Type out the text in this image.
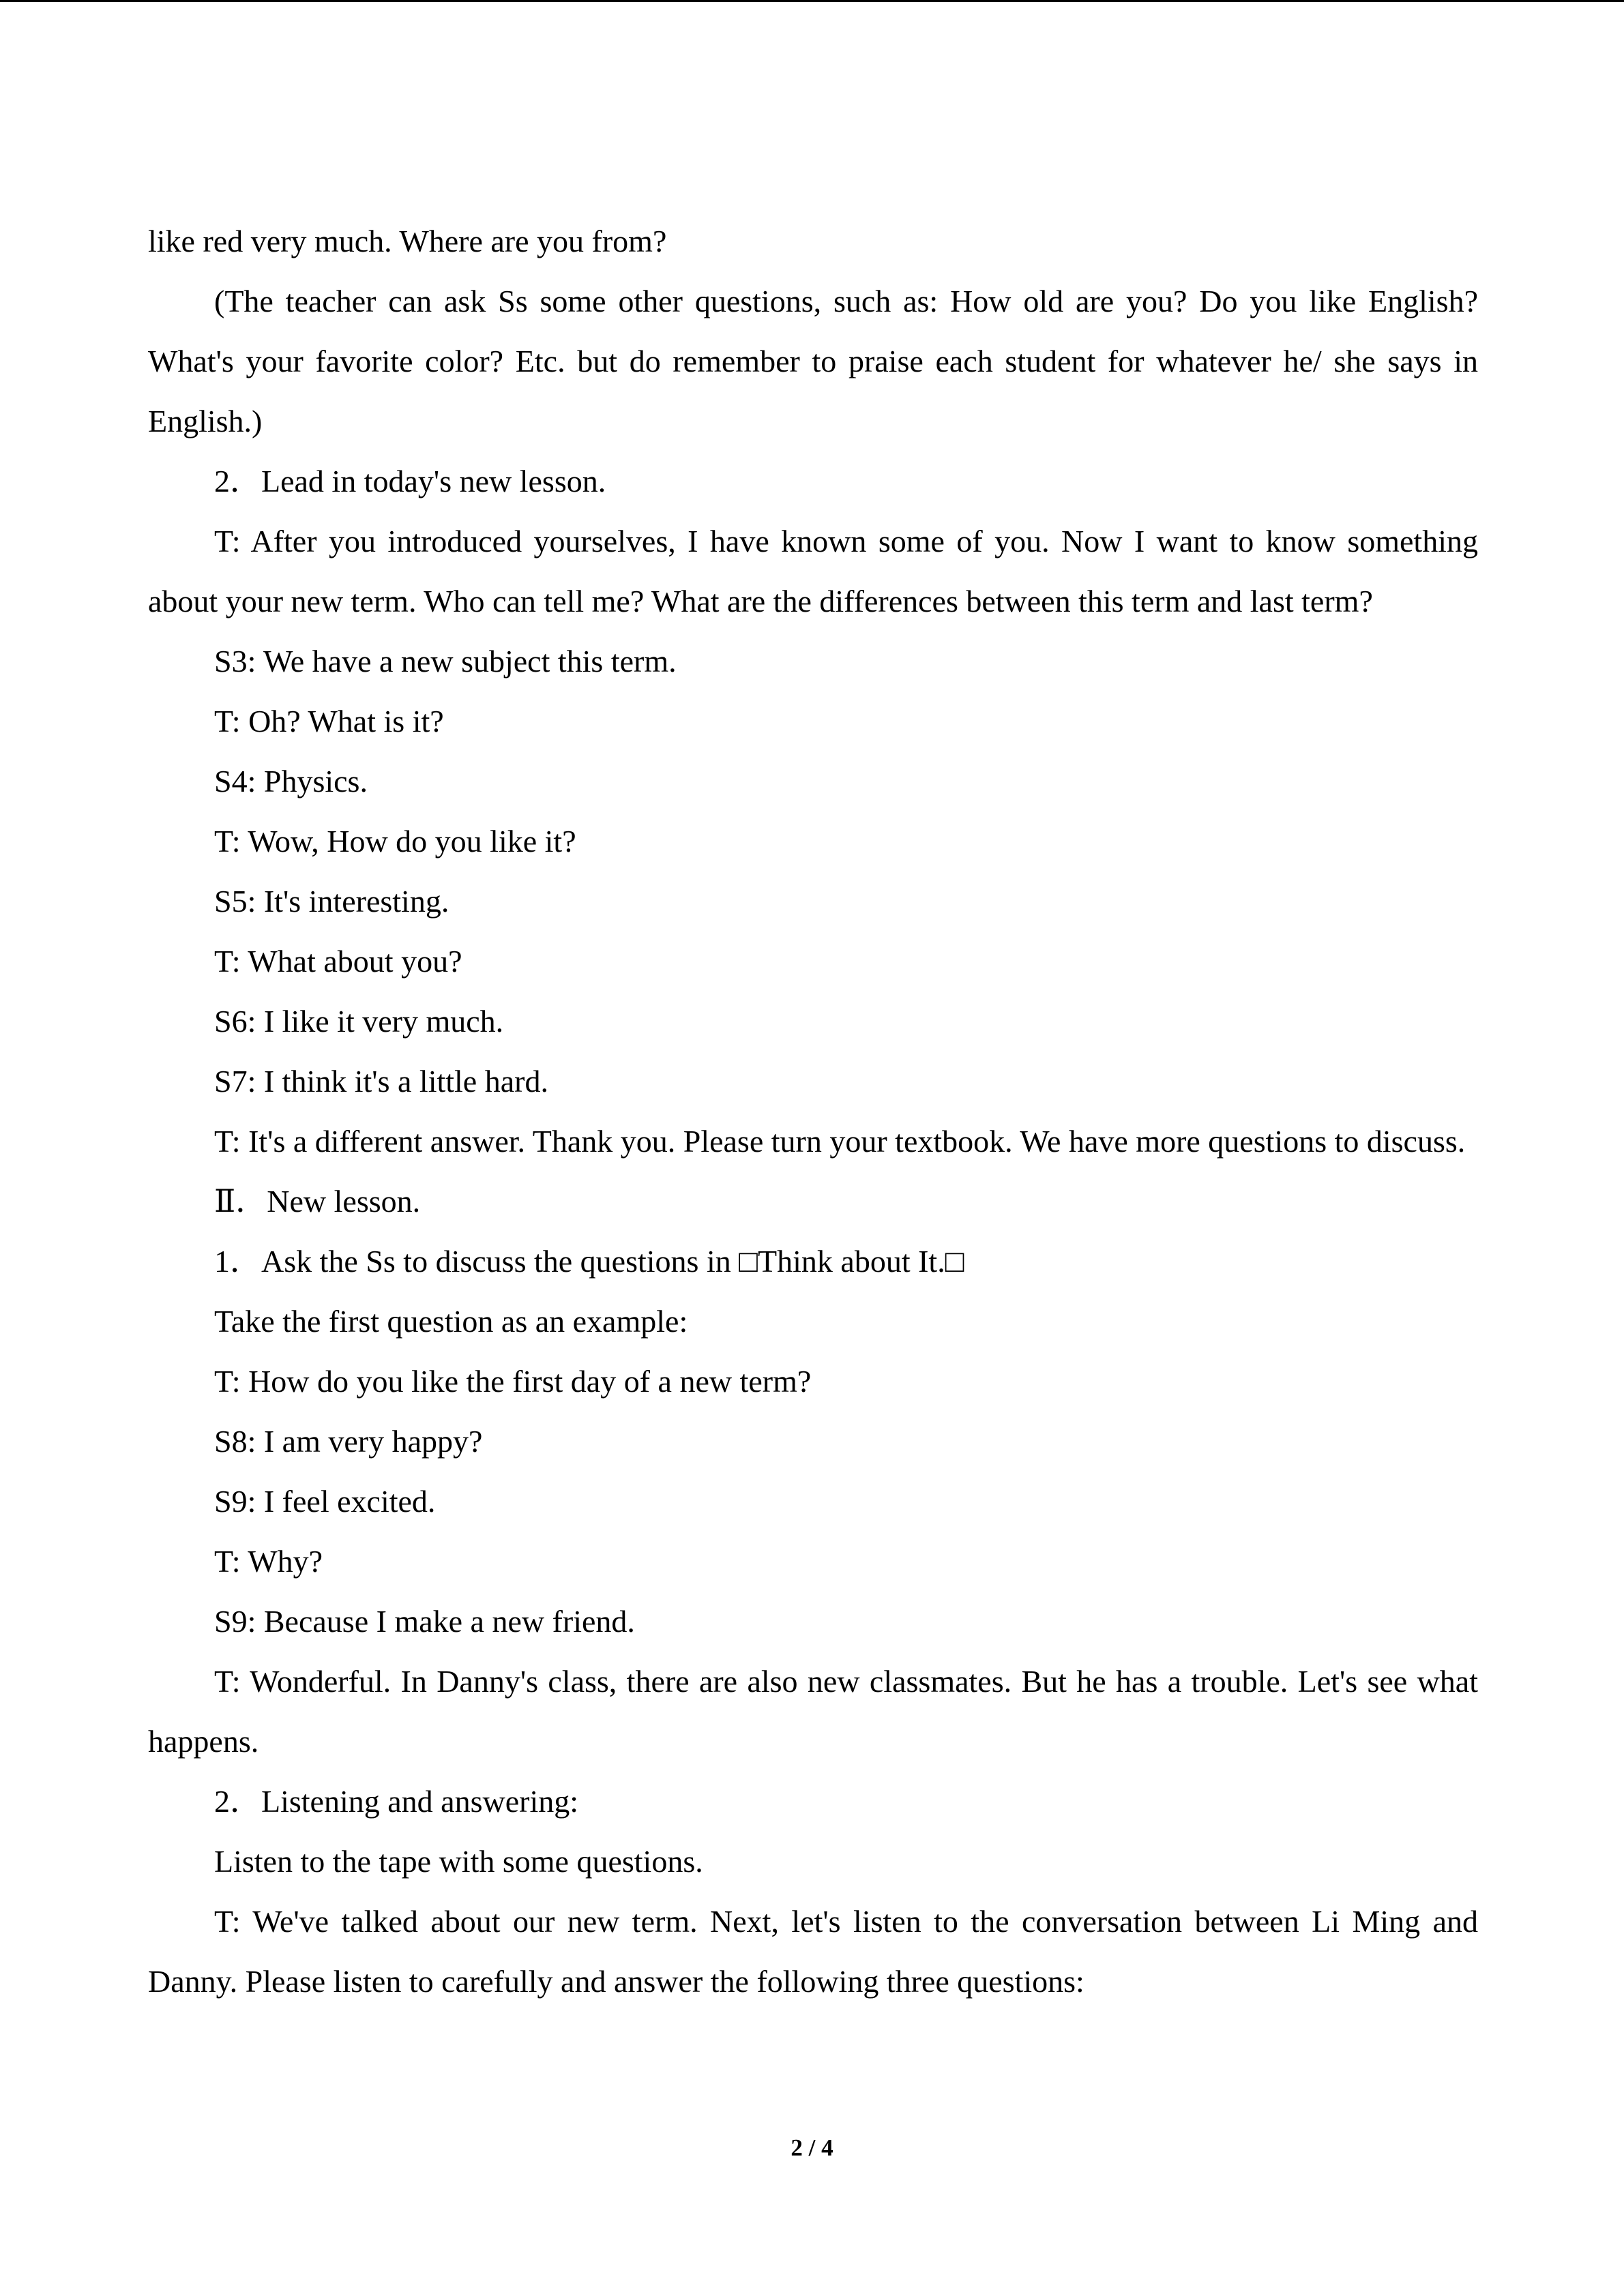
like red very much. Where are you from?

(The teacher can ask Ss some other questions, such as: How old are you? Do you like English? What's your favorite color? Etc. but do remember to praise each student for whatever he/ she says in English.)

2．Lead in today's new lesson.

T: After you introduced yourselves, I have known some of you. Now I want to know something about your new term. Who can tell me? What are the differences between this term and last term?

S3: We have a new subject this term.

T: Oh? What is it?

S4: Physics.

T: Wow, How do you like it?

S5: It's interesting.

T: What about you?

S6: I like it very much.

S7: I think it's a little hard.

T: It's a different answer. Thank you. Please turn your textbook. We have more questions to discuss.

Ⅱ．New lesson.

1．Ask the Ss to discuss the questions in □Think about It.□

Take the first question as an example:

T: How do you like the first day of a new term?

S8: I am very happy?

S9: I feel excited.

T: Why?

S9: Because I make a new friend.

T: Wonderful. In Danny's class, there are also new classmates. But he has a trouble. Let's see what happens.

2．Listening and answering:

Listen to the tape with some questions.

T: We've talked about our new term. Next, let's listen to the conversation between Li Ming and Danny. Please listen to carefully and answer the following three questions:

2 / 4
